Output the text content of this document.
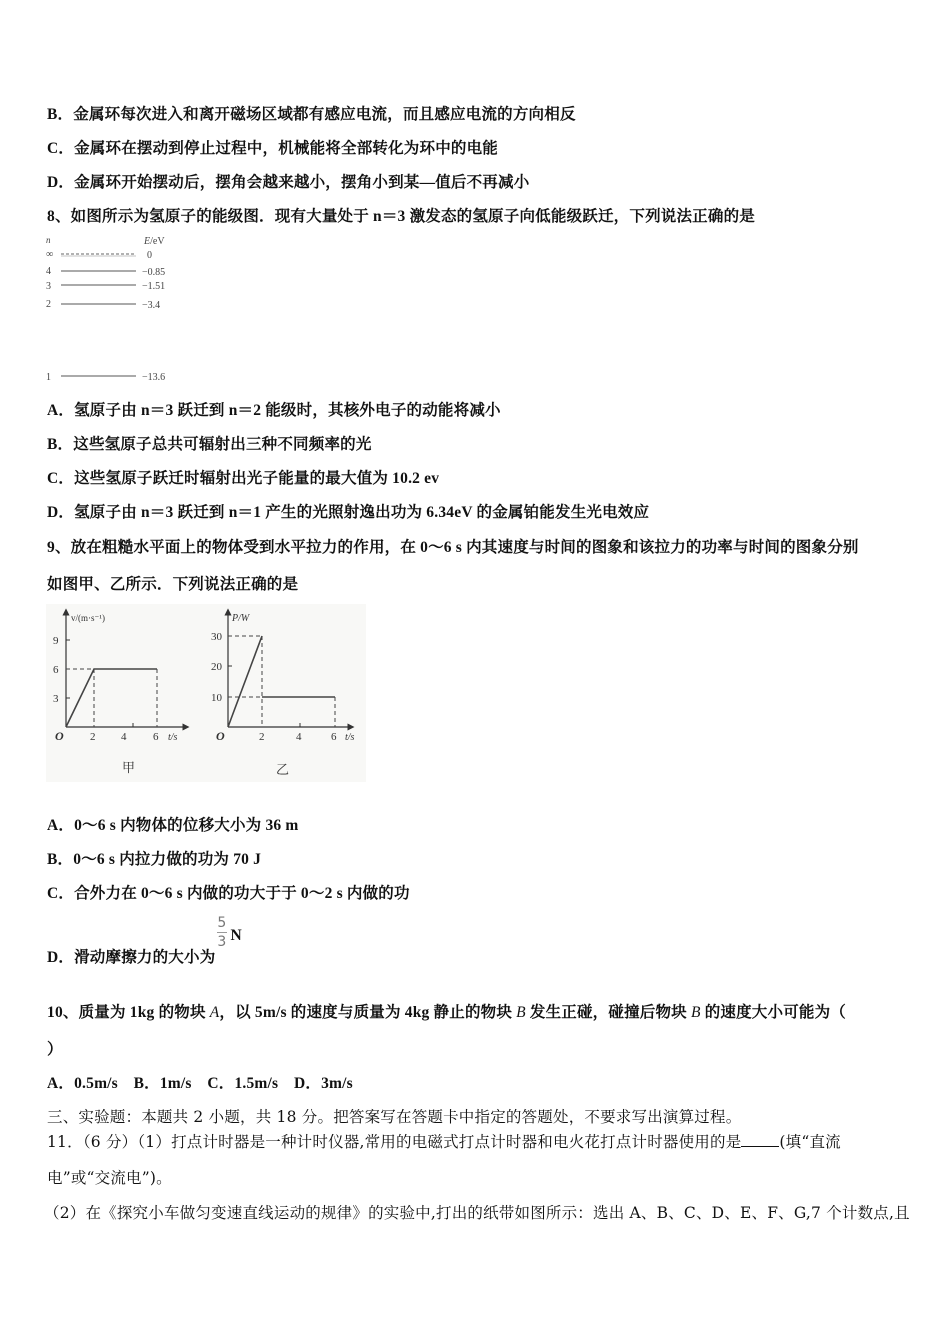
B．金属环每次进入和离开磁场区域都有感应电流，而且感应电流的方向相反
C．金属环在摆动到停止过程中，机械能将全部转化为环中的电能
D．金属环开始摆动后，摆角会越来越小，摆角小到某—值后不再减小
8、如图所示为氢原子的能级图．现有大量处于 n＝3 激发态的氢原子向低能级跃迁，下列说法正确的是
n	E/eV
∞	0
4	−0.85
3	−1.51
2	−3.4
1	−13.6
A．氢原子由 n＝3 跃迁到 n＝2 能级时，其核外电子的动能将减小
B．这些氢原子总共可辐射出三种不同频率的光
C．这些氢原子跃迁时辐射出光子能量的最大值为 10.2 ev
D．氢原子由 n＝3 跃迁到 n＝1 产生的光照射逸出功为 6.34eV 的金属铂能发生光电效应
9、放在粗糙水平面上的物体受到水平拉力的作用，在 0～6 s 内其速度与时间的图象和该拉力的功率与时间的图象分别
如图甲、乙所示．下列说法正确的是
v/(m·s⁻¹)
3
6
9
2 4 6
O	t/s
甲
P/W
10
20
30
2	4	6
O	t/s
乙
A．0～6 s 内物体的位移大小为 36 m
B．0～6 s 内拉力做的功为 70 J
C．合外力在 0～6 s 内做的功大于于 0～2 s 内做的功
D．滑动摩擦力的大小为
$\frac{5}{3}$ N
10、质量为 1kg 的物块 A，以 5m/s 的速度与质量为 4kg 静止的物块 B 发生正碰，碰撞后物块 B 的速度大小可能为（
）
A．0.5m/s　B．1m/s　C．1.5m/s　D．3m/s
三、实验题：本题共 2 小题，共 18 分。把答案写在答题卡中指定的答题处，不要求写出演算过程。
11．（6 分）（1）打点计时器是一种计时仪器,常用的电磁式打点计时器和电火花打点计时器使用的是 (填“直流
电”或“交流电”)。
（2）在《探究小车做匀变速直线运动的规律》的实验中,打出的纸带如图所示：选出 A、B、C、D、E、F、G,7 个计数点,且
